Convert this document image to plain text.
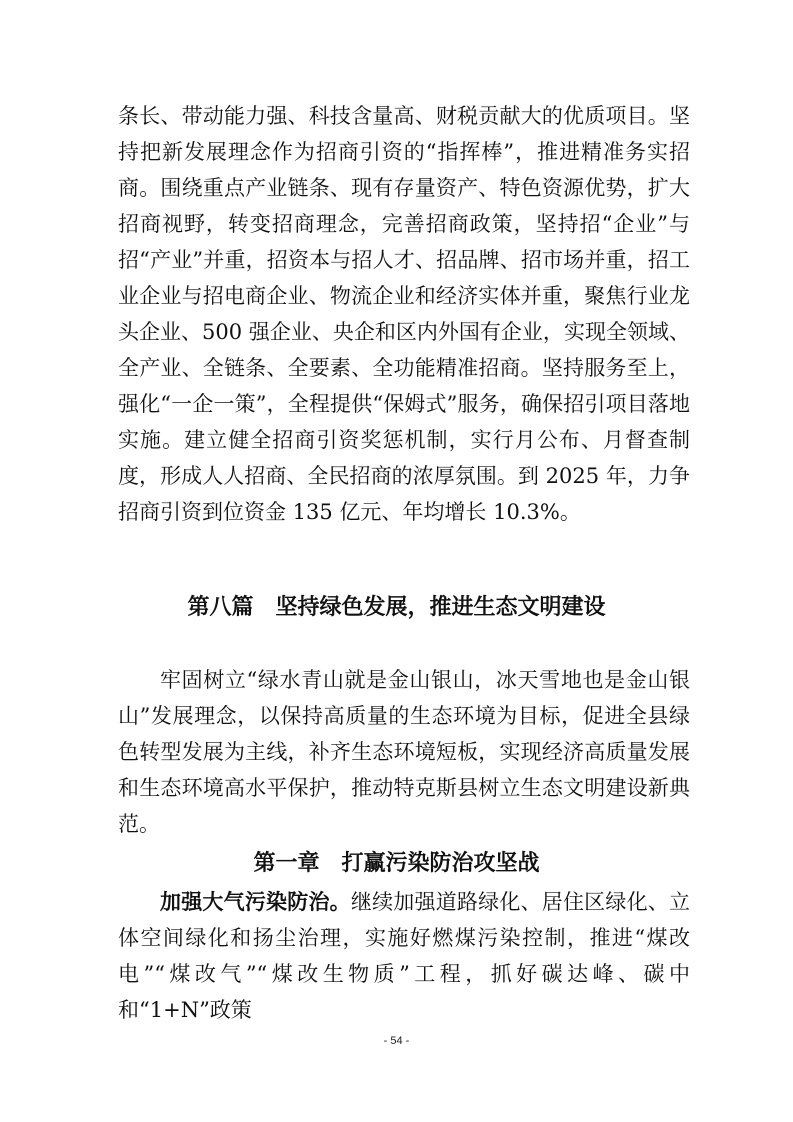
条长、带动能力强、科技含量高、财税贡献大的优质项目。坚持把新发展理念作为招商引资的“指挥棒”，推进精准务实招商。围绕重点产业链条、现有存量资产、特色资源优势，扩大招商视野，转变招商理念，完善招商政策，坚持招“企业”与招“产业”并重，招资本与招人才、招品牌、招市场并重，招工业企业与招电商企业、物流企业和经济实体并重，聚焦行业龙头企业、500 强企业、央企和区内外国有企业，实现全领域、全产业、全链条、全要素、全功能精准招商。坚持服务至上，强化“一企一策”，全程提供“保姆式”服务，确保招引项目落地实施。建立健全招商引资奖惩机制，实行月公布、月督查制度，形成人人招商、全民招商的浓厚氛围。到 2025 年，力争招商引资到位资金 135 亿元、年均增长 10.3%。

第八篇　坚持绿色发展，推进生态文明建设

牢固树立“绿水青山就是金山银山，冰天雪地也是金山银山”发展理念，以保持高质量的生态环境为目标，促进全县绿色转型发展为主线，补齐生态环境短板，实现经济高质量发展和生态环境高水平保护，推动特克斯县树立生态文明建设新典范。

第一章　打赢污染防治攻坚战

加强大气污染防治。继续加强道路绿化、居住区绿化、立体空间绿化和扬尘治理，实施好燃煤污染控制，推进“煤改电”“煤改气”“煤改生物质”工程，抓好碳达峰、碳中和“1+N”政策

- 54 -
